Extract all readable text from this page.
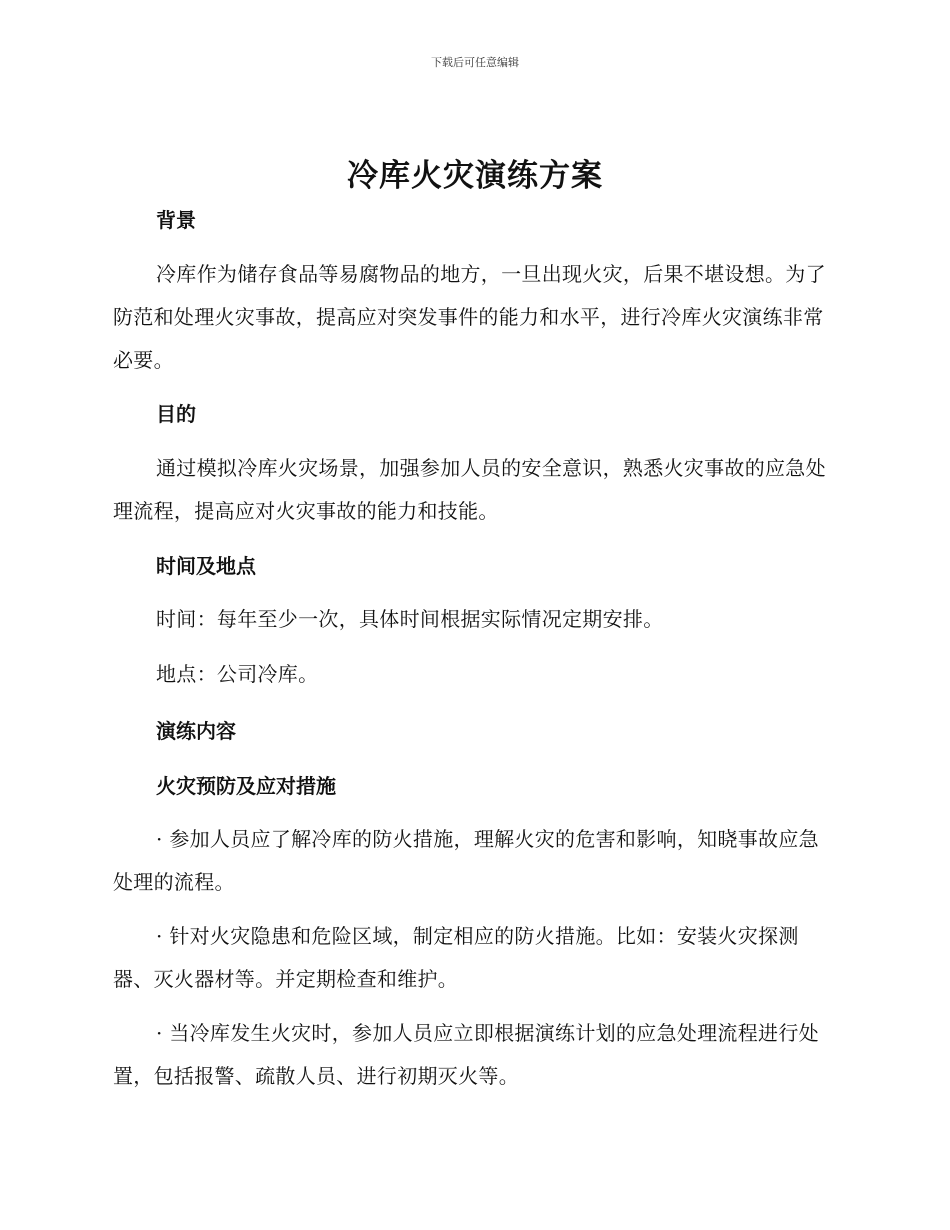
下载后可任意编辑
冷库火灾演练方案
背景

冷库作为储存食品等易腐物品的地方，一旦出现火灾，后果不堪设想。为了防范和处理火灾事故，提高应对突发事件的能力和水平，进行冷库火灾演练非常必要。

目的

通过模拟冷库火灾场景，加强参加人员的安全意识，熟悉火灾事故的应急处理流程，提高应对火灾事故的能力和技能。

时间及地点

时间：每年至少一次，具体时间根据实际情况定期安排。

地点：公司冷库。

演练内容
火灾预防及应对措施

· 参加人员应了解冷库的防火措施，理解火灾的危害和影响，知晓事故应急处理的流程。

· 针对火灾隐患和危险区域，制定相应的防火措施。比如：安装火灾探测器、灭火器材等。并定期检查和维护。

· 当冷库发生火灾时，参加人员应立即根据演练计划的应急处理流程进行处置，包括报警、疏散人员、进行初期灭火等。
